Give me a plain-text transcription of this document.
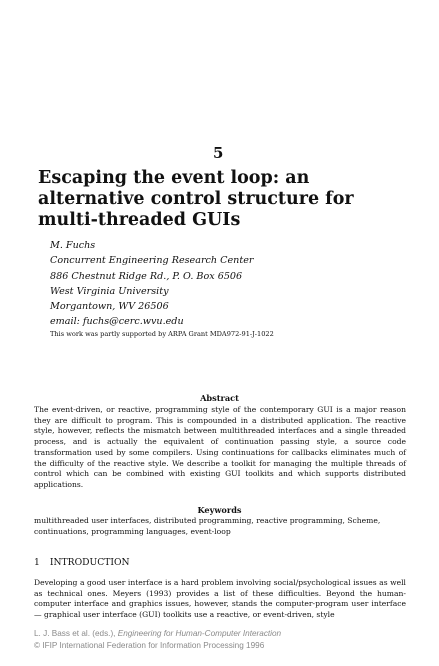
5
Escaping the event loop: an
alternative control structure for
multi-threaded GUIs
M. Fuchs
Concurrent Engineering Research Center
886 Chestnut Ridge Rd., P. O. Box 6506
West Virginia University
Morgantown, WV 26506
email: fuchs@cerc.wvu.edu
This work was partly supported by ARPA Grant MDA972-91-J-1022
Abstract
The event-driven, or reactive, programming style of the contemporary GUI is a major reason they are difficult to program. This is compounded in a distributed application. The reactive style, however, reflects the mismatch between multithreaded interfaces and a single threaded process, and is actually the equivalent of continuation passing style, a source code transformation used by some compilers. Using continuations for callbacks eliminates much of the difficulty of the reactive style. We describe a toolkit for managing the multiple threads of control which can be combined with existing GUI toolkits and which supports distributed applications.
Keywords
multithreaded user interfaces, distributed programming, reactive programming, Scheme, continuations, programming languages, event-loop
1 INTRODUCTION
Developing a good user interface is a hard problem involving social/psychological issues as well as technical ones. Meyers (1993) provides a list of these difficulties. Beyond the human-computer interface and graphics issues, however, stands the computer-program user interface — graphical user interface (GUI) toolkits use a reactive, or event-driven, style
L. J. Bass et al. (eds.), Engineering for Human-Computer Interaction
© IFIP International Federation for Information Processing 1996
